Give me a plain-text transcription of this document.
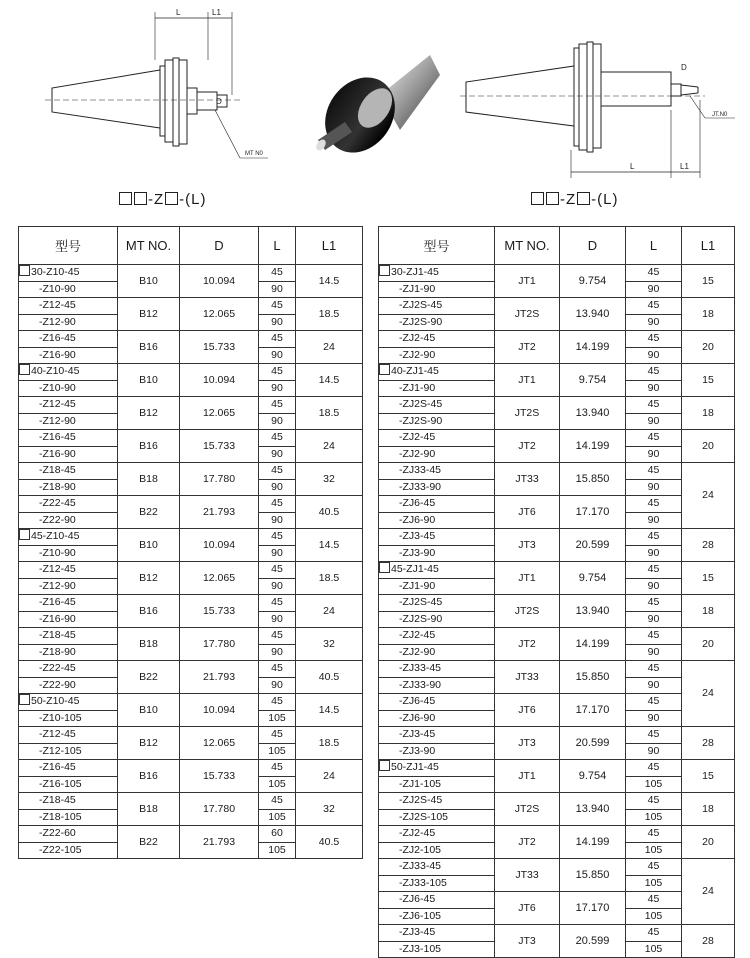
L	L1
D
MT N0
L	L1
D
JT.N0
-Z -(L)	-Z -(L)
型号	MT NO.	D	L	L1
30-Z10-45	B10	10.094	45	14.5
-Z10-90			90	
-Z12-45	B12	12.065	45	18.5
-Z12-90			90	
-Z16-45	B16	15.733	45	24
-Z16-90			90	
40-Z10-45	B10	10.094	45	14.5
-Z10-90			90	
-Z12-45	B12	12.065	45	18.5
-Z12-90			90	
-Z16-45	B16	15.733	45	24
-Z16-90			90	
-Z18-45	B18	17.780	45	32
-Z18-90			90	
-Z22-45	B22	21.793	45	40.5
-Z22-90			90	
45-Z10-45	B10	10.094	45	14.5
-Z10-90			90	
-Z12-45	B12	12.065	45	18.5
-Z12-90			90	
-Z16-45	B16	15.733	45	24
-Z16-90			90	
-Z18-45	B18	17.780	45	32
-Z18-90			90	
-Z22-45	B22	21.793	45	40.5
-Z22-90			90	
50-Z10-45	B10	10.094	45	14.5
-Z10-105			105	
-Z12-45	B12	12.065	45	18.5
-Z12-105			105	
-Z16-45	B16	15.733	45	24
-Z16-105			105	
-Z18-45	B18	17.780	45	32
-Z18-105			105	
-Z22-60	B22	21.793	60	40.5
-Z22-105			105	
型号	MT NO.	D	L	L1
30-ZJ1-45	JT1	9.754	45	15
-ZJ1-90			90	
-ZJ2S-45	JT2S	13.940	45	18
-ZJ2S-90			90	
-ZJ2-45	JT2	14.199	45	20
-ZJ2-90			90	
40-ZJ1-45	JT1	9.754	45	15
-ZJ1-90			90	
-ZJ2S-45	JT2S	13.940	45	18
-ZJ2S-90			90	
-ZJ2-45	JT2	14.199	45	20
-ZJ2-90			90	
-ZJ33-45	JT33	15.850	45	24
-ZJ33-90			90	
-ZJ6-45	JT6	17.170	45	
-ZJ6-90			90	
-ZJ3-45	JT3	20.599	45	28
-ZJ3-90			90	
45-ZJ1-45	JT1	9.754	45	15
-ZJ1-90			90	
-ZJ2S-45	JT2S	13.940	45	18
-ZJ2S-90			90	
-ZJ2-45	JT2	14.199	45	20
-ZJ2-90			90	
-ZJ33-45	JT33	15.850	45	24
-ZJ33-90			90	
-ZJ6-45	JT6	17.170	45	
-ZJ6-90			90	
-ZJ3-45	JT3	20.599	45	28
-ZJ3-90			90	
50-ZJ1-45	JT1	9.754	45	15
-ZJ1-105			105	
-ZJ2S-45	JT2S	13.940	45	18
-ZJ2S-105			105	
-ZJ2-45	JT2	14.199	45	20
-ZJ2-105			105	
-ZJ33-45	JT33	15.850	45	24
-ZJ33-105			105	
-ZJ6-45	JT6	17.170	45	
-ZJ6-105			105	
-ZJ3-45	JT3	20.599	45	28
-ZJ3-105			105	
